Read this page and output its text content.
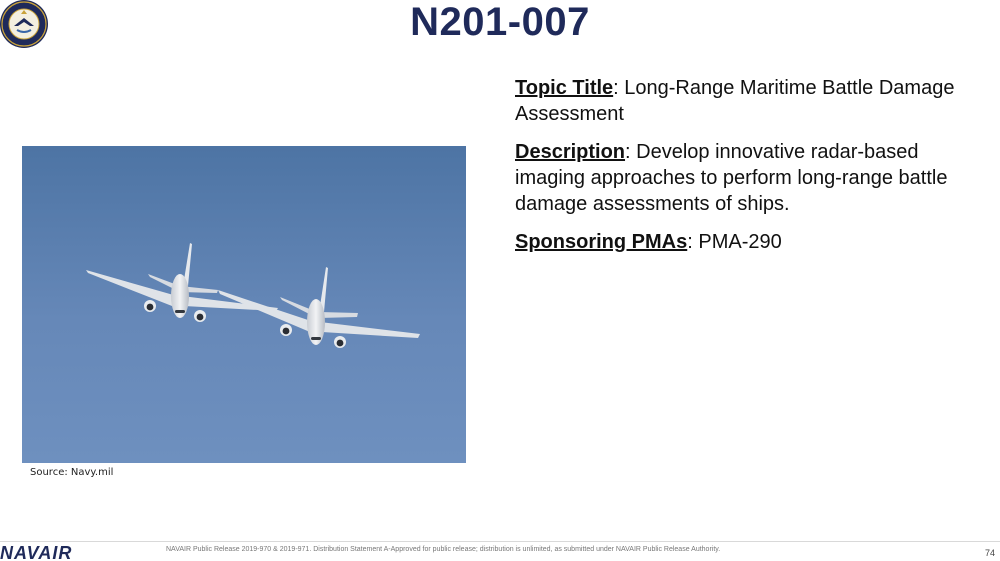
N201-007
Source: Navy.mil

Topic Title: Long-Range Maritime Battle Damage Assessment

Description: Develop innovative radar-based imaging approaches to perform long-range battle damage assessments of ships.

Sponsoring PMAs: PMA-290

NAVAIR	NAVAIR Public Release 2019-970 & 2019-971. Distribution Statement A-Approved for public release; distribution is unlimited, as submitted under NAVAIR Public Release Authority.	74
